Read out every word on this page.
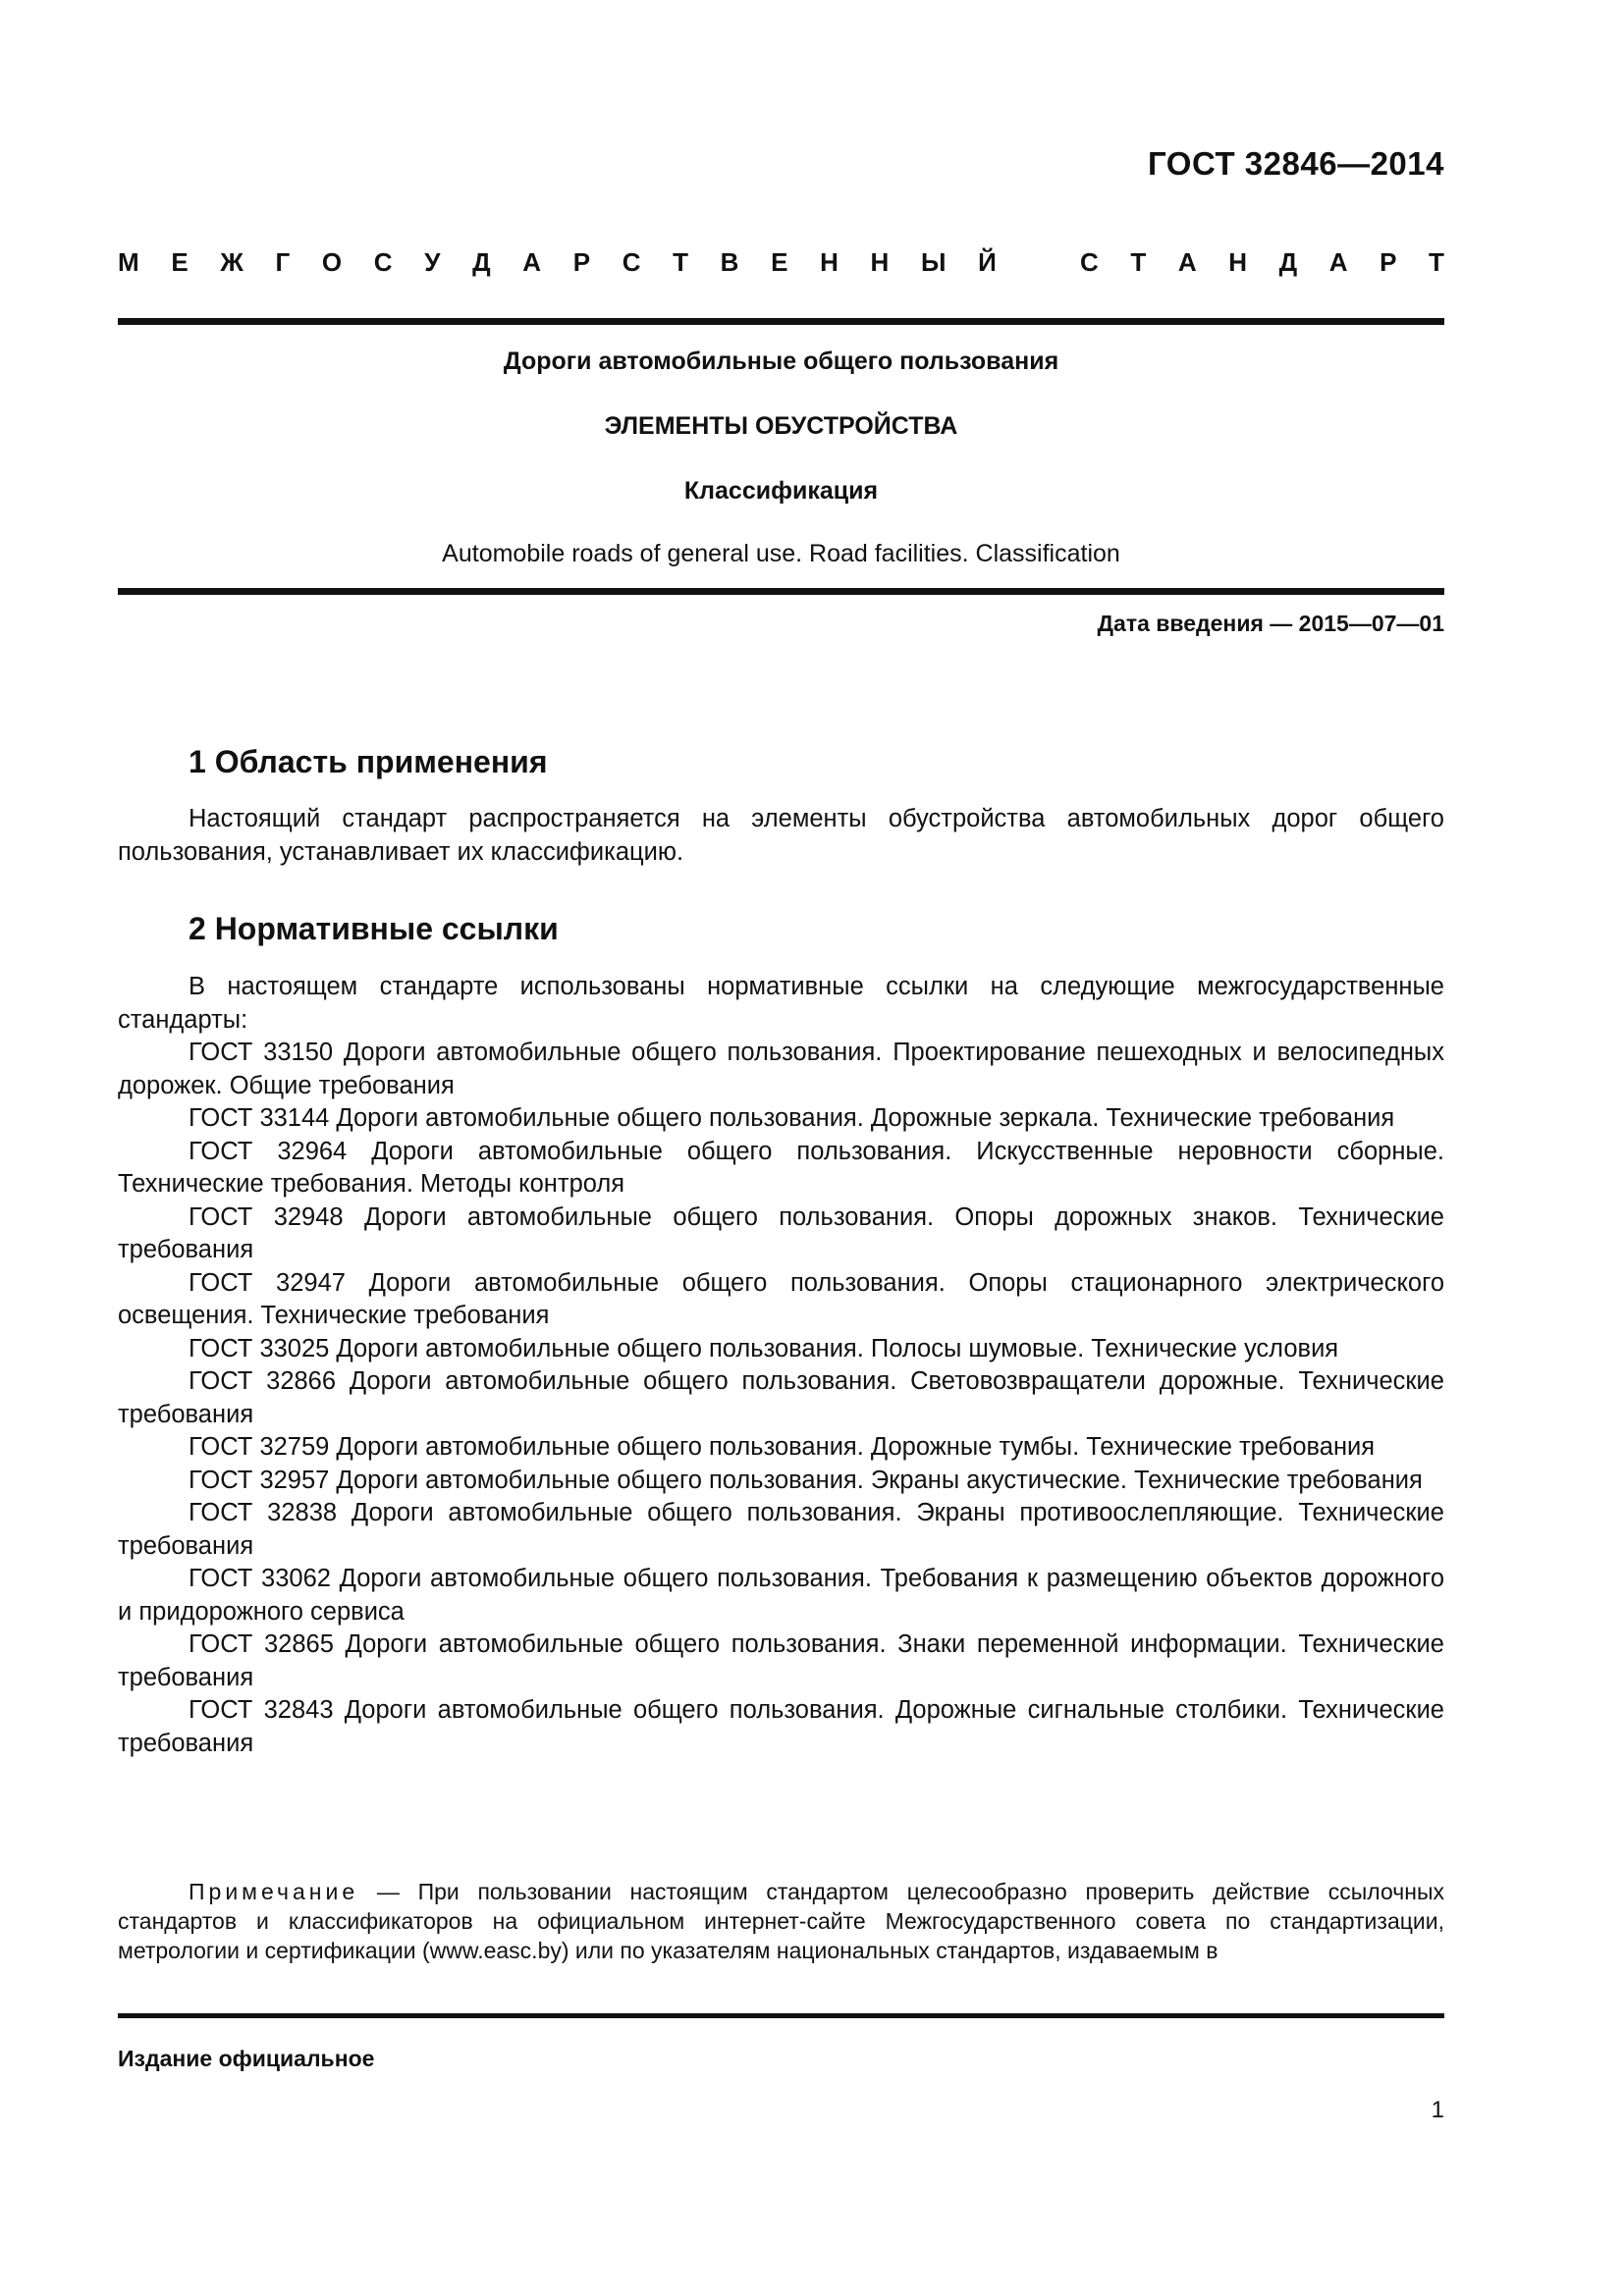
ГОСТ 32846—2014
М Е Ж Г О С У Д А Р С Т В Е Н Н Ы Й	С Т А Н Д А Р Т
Дороги автомобильные общего пользования
ЭЛЕМЕНТЫ ОБУСТРОЙСТВА
Классификация
Automobile roads of general use. Road facilities. Classification
Дата введения — 2015—07—01
1 Область применения

Настоящий стандарт распространяется на элементы обустройства автомобильных дорог общего пользования, устанавливает их классификацию.

2 Нормативные ссылки

В настоящем стандарте использованы нормативные ссылки на следующие межгосударственные стандарты:

ГОСТ 33150 Дороги автомобильные общего пользования. Проектирование пешеходных и велосипедных дорожек. Общие требования

ГОСТ 33144 Дороги автомобильные общего пользования. Дорожные зеркала. Технические требования

ГОСТ 32964 Дороги автомобильные общего пользования. Искусственные неровности сборные. Технические требования. Методы контроля

ГОСТ 32948 Дороги автомобильные общего пользования. Опоры дорожных знаков. Технические требования

ГОСТ 32947 Дороги автомобильные общего пользования. Опоры стационарного электрического освещения. Технические требования

ГОСТ 33025 Дороги автомобильные общего пользования. Полосы шумовые. Технические условия

ГОСТ 32866 Дороги автомобильные общего пользования. Световозвращатели дорожные. Технические требования

ГОСТ 32759 Дороги автомобильные общего пользования. Дорожные тумбы. Технические требования

ГОСТ 32957 Дороги автомобильные общего пользования. Экраны акустические. Технические требования

ГОСТ 32838 Дороги автомобильные общего пользования. Экраны противоослепляющие. Технические требования

ГОСТ 33062 Дороги автомобильные общего пользования. Требования к размещению объектов дорожного и придорожного сервиса

ГОСТ 32865 Дороги автомобильные общего пользования. Знаки переменной информации. Технические требования

ГОСТ 32843 Дороги автомобильные общего пользования. Дорожные сигнальные столбики. Технические требования

Примечание — При пользовании настоящим стандартом целесообразно проверить действие ссылочных стандартов и классификаторов на официальном интернет-сайте Межгосударственного совета по стандартизации, метрологии и сертификации (www.easc.by) или по указателям национальных стандартов, издаваемым в

Издание официальное
1
